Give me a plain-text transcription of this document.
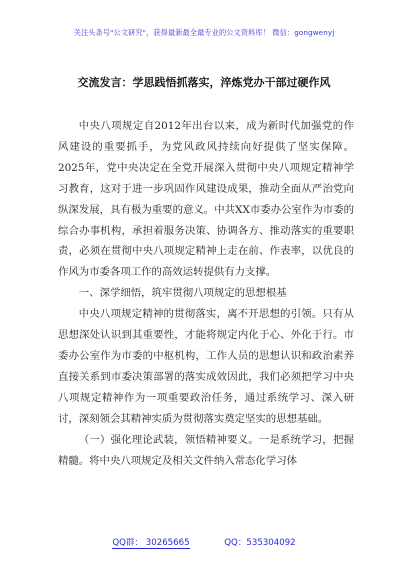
关注头条号"公文研究"，获得最新最全最专业的公文资料库！ 微信：gongwenyj
交流发言：学思践悟抓落实，淬炼党办干部过硬作风

中央八项规定自2012年出台以来，成为新时代加强党的作风建设的重要抓手，为党风政风持续向好提供了坚实保障。2025年，党中央决定在全党开展深入贯彻中央八项规定精神学习教育，这对于进一步巩固作风建设成果，推动全面从严治党向纵深发展，具有极为重要的意义。中共XX市委办公室作为市委的综合办事机构，承担着服务决策、协调各方、推动落实的重要职责，必须在贯彻中央八项规定精神上走在前、作表率，以优良的作风为市委各项工作的高效运转提供有力支撑。

一、深学细悟，筑牢贯彻八项规定的思想根基

中央八项规定精神的贯彻落实，离不开思想的引领。只有从思想深处认识到其重要性，才能将规定内化于心、外化于行。市委办公室作为市委的中枢机构，工作人员的思想认识和政治素养直接关系到市委决策部署的落实成效因此，我们必须把学习中央八项规定精神作为一项重要政治任务，通过系统学习、深入研讨，深刻领会其精神实质为贯彻落实奠定坚实的思想基础。

（一）强化理论武装，领悟精神要义。一是系统学习，把握精髓。将中央八项规定及相关文件纳入常态化学习体

QQ群： 30265665	QQ：535304092
